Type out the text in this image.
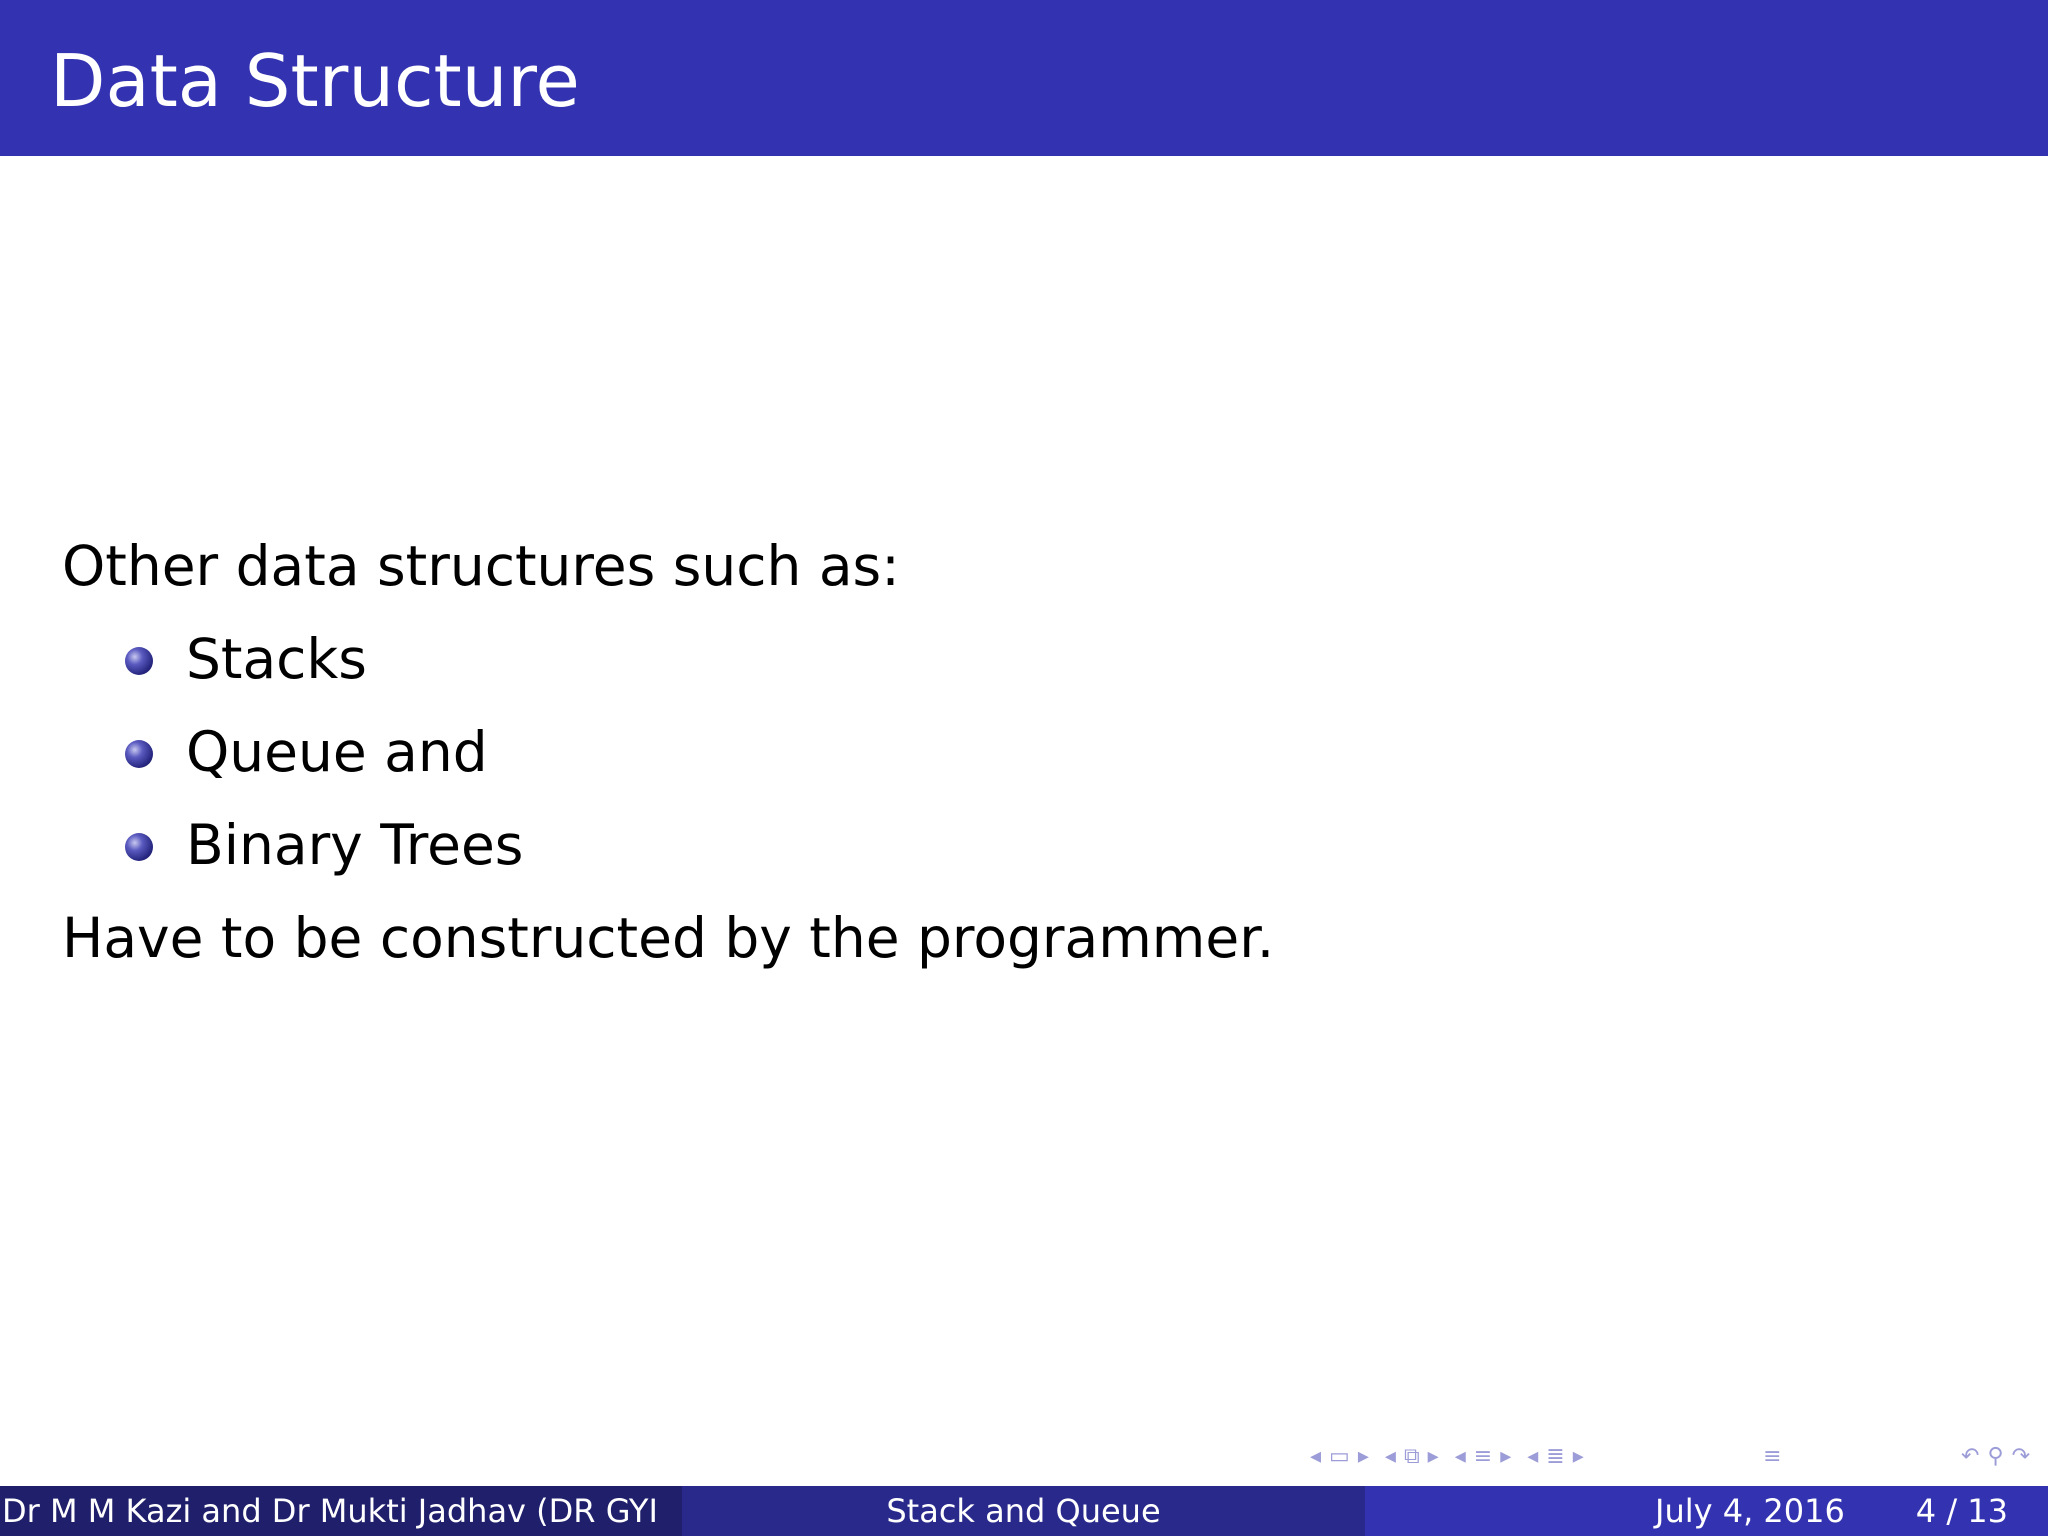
Data Structure
Other data structures such as:
Stacks
Queue and
Binary Trees
Have to be constructed by the programmer.
◂ ▭ ▸ ◂ ⧉ ▸ ◂ ≡ ▸ ◂ ≣ ▸	≡	↶ ⚲ ↷
Dr M M Kazi and Dr Mukti Jadhav (DR GYI	Stack and Queue	July 4, 2016 4 / 13
